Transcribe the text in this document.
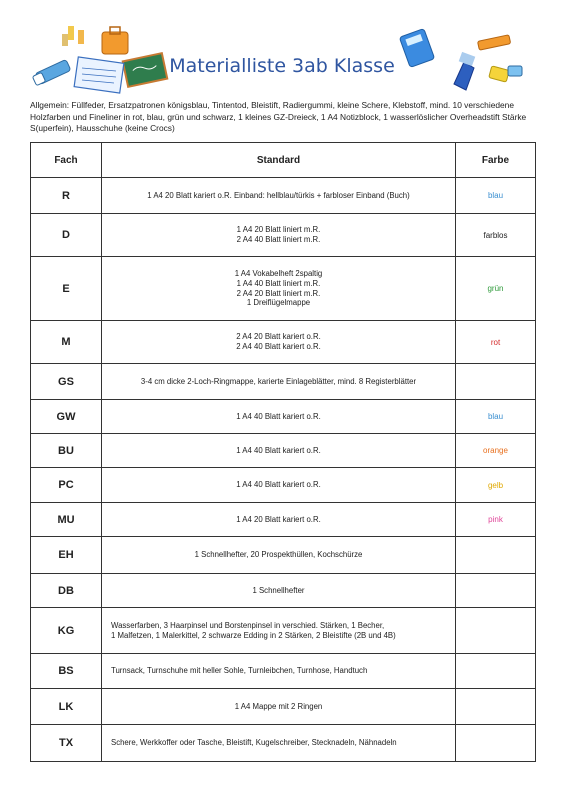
Materialliste 3ab Klasse
Allgemein: Füllfeder, Ersatzpatronen königsblau, Tintentod, Bleistift, Radiergummi, kleine Schere, Klebstoff, mind. 10 verschiedene Holzfarben und Fineliner in rot, blau, grün und schwarz, 1 kleines GZ-Dreieck, 1 A4 Notizblock, 1 wasserlöslicher Overheadstift Stärke S(uperfein), Hausschuhe (keine Crocs)
Fach	Standard	Farbe
R	1 A4 20 Blatt kariert o.R. Einband: hellblau/türkis + farbloser Einband (Buch)	blau
D	1 A4 20 Blatt liniert m.R.
2 A4 40 Blatt liniert m.R.	farblos
E	1 A4 Vokabelheft 2spaltig
1 A4 40 Blatt liniert m.R.
2 A4 20 Blatt liniert m.R.
1 Dreiflügelmappe	grün
M	2 A4 20 Blatt kariert o.R.
2 A4 40 Blatt kariert o.R.	rot
GS	3-4 cm dicke 2-Loch-Ringmappe, karierte Einlageblätter, mind. 8 Registerblätter	

GW	1 A4 40 Blatt kariert o.R.	blau
BU	1 A4 40 Blatt kariert o.R.	orange
PC	1 A4 40 Blatt kariert o.R.	gelb
MU	1 A4 20 Blatt kariert o.R.	pink
EH	1 Schnellhefter, 20 Prospekthüllen, Kochschürze	

DB	1 Schnellhefter	

KG	Wasserfarben, 3 Haarpinsel und Borstenpinsel in verschied. Stärken, 1 Becher,
1 Malfetzen, 1 Malerkittel, 2 schwarze Edding in 2 Stärken, 2 Bleistifte (2B und 4B)	

BS	Turnsack, Turnschuhe mit heller Sohle, Turnleibchen, Turnhose, Handtuch	

LK	1 A4 Mappe mit 2 Ringen	

TX	Schere, Werkkoffer oder Tasche, Bleistift, Kugelschreiber, Stecknadeln, Nähnadeln	
